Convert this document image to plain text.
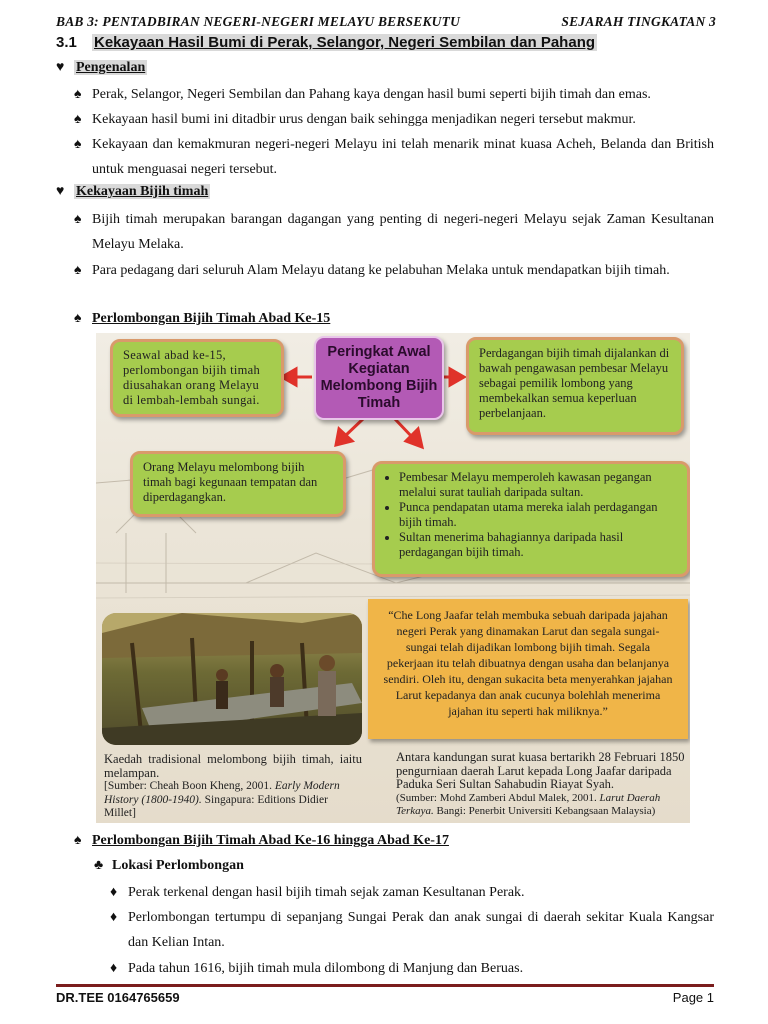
BAB 3: PENTADBIRAN NEGERI-NEGERI MELAYU BERSEKUTU	SEJARAH TINGKATAN 3
3.1 Kekayaan Hasil Bumi di Perak, Selangor, Negeri Sembilan dan Pahang
♥ Pengenalan
♠ Perak, Selangor, Negeri Sembilan dan Pahang kaya dengan hasil bumi seperti bijih timah dan emas.
♠ Kekayaan hasil bumi ini ditadbir urus dengan baik sehingga menjadikan negeri tersebut makmur.
♠ Kekayaan dan kemakmuran negeri-negeri Melayu ini telah menarik minat kuasa Acheh, Belanda dan British untuk menguasai negeri tersebut.
♥ Kekayaan Bijih timah
♠ Bijih timah merupakan barangan dagangan yang penting di negeri-negeri Melayu sejak Zaman Kesultanan Melayu Melaka.
♠ Para pedagang dari seluruh Alam Melayu datang ke pelabuhan Melaka untuk mendapatkan bijih timah.
♠ Perlombongan Bijih Timah Abad Ke-15
Seawal abad ke-15, perlombongan bijih timah diusahakan orang Melayu di lembah-lembah sungai.
Peringkat Awal Kegiatan Melombong Bijih Timah
Perdagangan bijih timah dijalankan di bawah pengawasan pembesar Melayu sebagai pemilik lombong yang membekalkan semua keperluan perbelanjaan.
Orang Melayu melombong bijih timah bagi kegunaan tempatan dan diperdagangkan.
• Pembesar Melayu memperoleh kawasan pegangan melalui surat tauliah daripada sultan.
• Punca pendapatan utama mereka ialah perdagangan bijih timah.
• Sultan menerima bahagiannya daripada hasil perdagangan bijih timah.
“Che Long Jaafar telah membuka sebuah daripada jajahan negeri Perak yang dinamakan Larut dan segala sungai-sungai telah dijadikan lombong bijih timah. Segala pekerjaan itu telah dibuatnya dengan usaha dan belanjanya sendiri. Oleh itu, dengan sukacita beta menyerahkan jajahan Larut kepadanya dan anak cucunya bolehlah menerima jajahan itu seperti hak miliknya.”
Kaedah tradisional melombong bijih timah, iaitu melampan.
[Sumber: Cheah Boon Kheng, 2001. Early Modern History (1800-1940). Singapura: Editions Didier Millet]
Antara kandungan surat kuasa bertarikh 28 Februari 1850 pengurniaan daerah Larut kepada Long Jaafar daripada Paduka Seri Sultan Sahabudin Riayat Syah.
(Sumber: Mohd Zamberi Abdul Malek, 2001. Larut Daerah Terkaya. Bangi: Penerbit Universiti Kebangsaan Malaysia)
♠ Perlombongan Bijih Timah Abad Ke-16 hingga Abad Ke-17
♣ Lokasi Perlombongan
♦ Perak terkenal dengan hasil bijih timah sejak zaman Kesultanan Perak.
♦ Perlombongan tertumpu di sepanjang Sungai Perak dan anak sungai di daerah sekitar Kuala Kangsar dan Kelian Intan.
♦ Pada tahun 1616, bijih timah mula dilombong di Manjung dan Beruas.
DR.TEE 0164765659	Page 1
